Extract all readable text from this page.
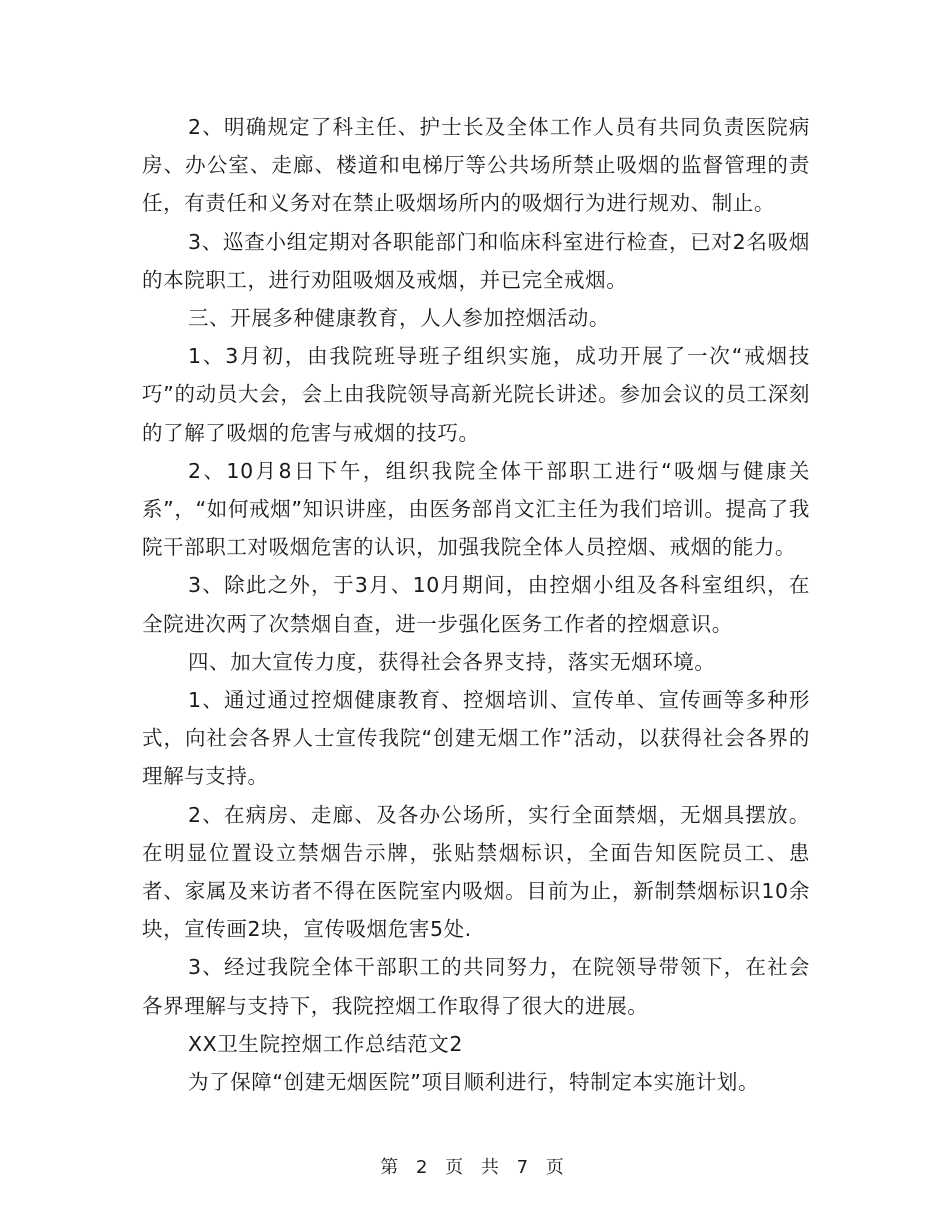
2、明确规定了科主任、护士长及全体工作人员有共同负责医院病房、办公室、走廊、楼道和电梯厅等公共场所禁止吸烟的监督管理的责任，有责任和义务对在禁止吸烟场所内的吸烟行为进行规劝、制止。

3、巡查小组定期对各职能部门和临床科室进行检查，已对2名吸烟的本院职工，进行劝阻吸烟及戒烟，并已完全戒烟。

三、开展多种健康教育，人人参加控烟活动。

1、3月初，由我院班导班子组织实施，成功开展了一次“戒烟技巧”的动员大会，会上由我院领导高新光院长讲述。参加会议的员工深刻的了解了吸烟的危害与戒烟的技巧。

2、10月8日下午，组织我院全体干部职工进行“吸烟与健康关系”，“如何戒烟”知识讲座，由医务部肖文汇主任为我们培训。提高了我院干部职工对吸烟危害的认识，加强我院全体人员控烟、戒烟的能力。

3、除此之外，于3月、10月期间，由控烟小组及各科室组织，在全院进次两了次禁烟自查，进一步强化医务工作者的控烟意识。

四、加大宣传力度，获得社会各界支持，落实无烟环境。

1、通过通过控烟健康教育、控烟培训、宣传单、宣传画等多种形式，向社会各界人士宣传我院“创建无烟工作”活动，以获得社会各界的理解与支持。

2、在病房、走廊、及各办公场所，实行全面禁烟，无烟具摆放。在明显位置设立禁烟告示牌，张贴禁烟标识，全面告知医院员工、患者、家属及来访者不得在医院室内吸烟。目前为止，新制禁烟标识10余块，宣传画2块，宣传吸烟危害5处.

3、经过我院全体干部职工的共同努力，在院领导带领下，在社会各界理解与支持下，我院控烟工作取得了很大的进展。

XX卫生院控烟工作总结范文2

为了保障“创建无烟医院”项目顺利进行，特制定本实施计划。

第 2 页 共 7 页
